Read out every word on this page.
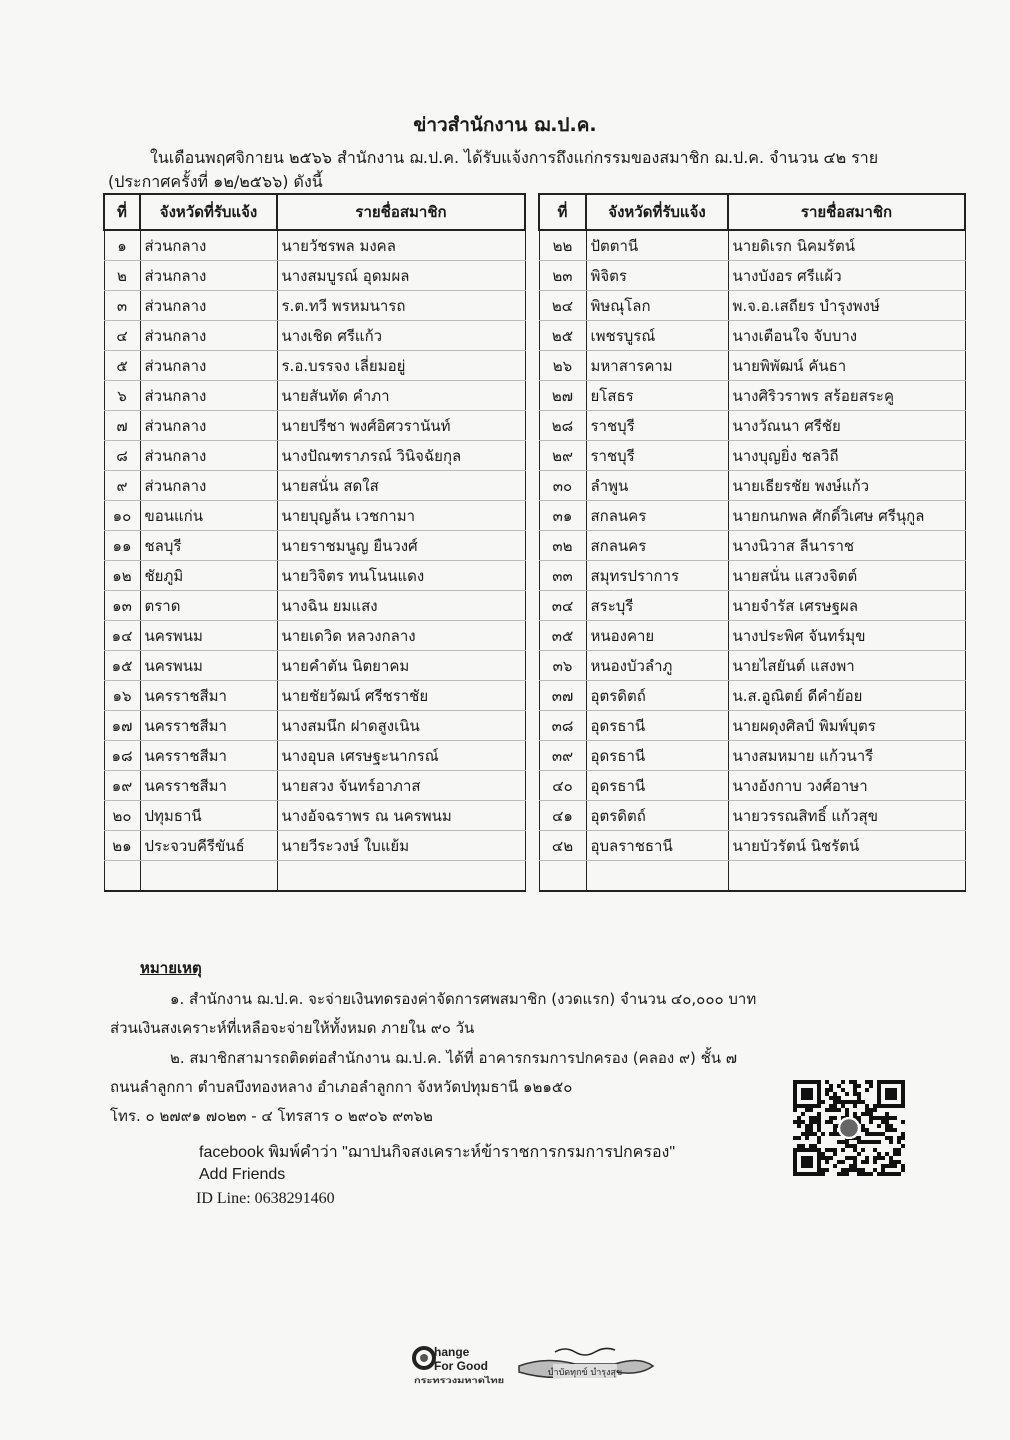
ข่าวสำนักงาน ฌ.ป.ค.
ในเดือนพฤศจิกายน ๒๕๖๖ สำนักงาน ฌ.ป.ค. ได้รับแจ้งการถึงแก่กรรมของสมาชิก ฌ.ป.ค. จำนวน ๔๒ ราย
(ประกาศครั้งที่ ๑๒/๒๕๖๖) ดังนี้
ที่	จังหวัดที่รับแจ้ง	รายชื่อสมาชิก
๑	ส่วนกลาง	นายวัชรพล มงคล
๒	ส่วนกลาง	นางสมบูรณ์ อุดมผล
๓	ส่วนกลาง	ร.ต.ทวี พรหมนารถ
๔	ส่วนกลาง	นางเชิด ศรีแก้ว
๕	ส่วนกลาง	ร.อ.บรรจง เลี่ยมอยู่
๖	ส่วนกลาง	นายสันทัด คำภา
๗	ส่วนกลาง	นายปรีชา พงศ์อิศวรานันท์
๘	ส่วนกลาง	นางปัณฑราภรณ์ วินิจฉัยกุล
๙	ส่วนกลาง	นายสนั่น สดใส
๑๐	ขอนแก่น	นายบุญล้น เวชกามา
๑๑	ชลบุรี	นายราชมนูญ ยืนวงศ์
๑๒	ชัยภูมิ	นายวิจิตร ทนโนนแดง
๑๓	ตราด	นางฉิน ยมแสง
๑๔	นครพนม	นายเดวิด หลวงกลาง
๑๕	นครพนม	นายคำตัน นิตยาคม
๑๖	นครราชสีมา	นายชัยวัฒน์ ศรีชราชัย
๑๗	นครราชสีมา	นางสมนึก ฝาดสูงเนิน
๑๘	นครราชสีมา	นางอุบล เศรษฐะนากรณ์
๑๙	นครราชสีมา	นายสวง จันทร์อาภาส
๒๐	ปทุมธานี	นางอัจฉราพร ณ นครพนม
๒๑	ประจวบคีรีขันธ์	นายวีระวงษ์ ใบแย้ม

ที่	จังหวัดที่รับแจ้ง	รายชื่อสมาชิก
๒๒	ปัตตานี	นายดิเรก นิคมรัตน์
๒๓	พิจิตร	นางบังอร ศรีแผ้ว
๒๔	พิษณุโลก	พ.จ.อ.เสถียร บำรุงพงษ์
๒๕	เพชรบูรณ์	นางเตือนใจ จับบาง
๒๖	มหาสารคาม	นายพิพัฒน์ คันธา
๒๗	ยโสธร	นางศิริวราพร สร้อยสระคู
๒๘	ราชบุรี	นางวัณนา ศรีชัย
๒๙	ราชบุรี	นางบุญยิ่ง ชลวิถี
๓๐	ลำพูน	นายเธียรชัย พงษ์แก้ว
๓๑	สกลนคร	นายกนกพล ศักดิ์วิเศษ ศรีนุกูล
๓๒	สกลนคร	นางนิวาส ลีนาราช
๓๓	สมุทรปราการ	นายสนั่น แสวงจิตต์
๓๔	สระบุรี	นายจำรัส เศรษฐผล
๓๕	หนองคาย	นางประพิศ จันทร์มุข
๓๖	หนองบัวลำภู	นายไสยันต์ แสงพา
๓๗	อุตรดิตถ์	น.ส.อูณิตย์ ดีคำย้อย
๓๘	อุดรธานี	นายผดุงศิลป์ พิมพ์บุตร
๓๙	อุดรธานี	นางสมหมาย แก้วนารี
๔๐	อุดรธานี	นางอังกาบ วงศ์อาษา
๔๑	อุตรดิตถ์	นายวรรณสิทธิ์ แก้วสุข
๔๒	อุบลราชธานี	นายบัวรัตน์ นิชรัตน์

หมายเหตุ
๑. สำนักงาน ฌ.ป.ค. จะจ่ายเงินทดรองค่าจัดการศพสมาชิก (งวดแรก) จำนวน ๔๐,๐๐๐ บาท
ส่วนเงินสงเคราะห์ที่เหลือจะจ่ายให้ทั้งหมด ภายใน ๙๐ วัน
๒. สมาชิกสามารถติดต่อสำนักงาน ฌ.ป.ค. ได้ที่ อาคารกรมการปกครอง (คลอง ๙) ชั้น ๗
ถนนลำลูกกา ตำบลบึงทองหลาง อำเภอลำลูกกา จังหวัดปทุมธานี ๑๒๑๕๐
โทร. ๐ ๒๗๙๑ ๗๐๒๓ - ๔ โทรสาร ๐ ๒๙๐๖ ๙๓๖๒
facebook พิมพ์คำว่า "ฌาปนกิจสงเคราะห์ข้าราชการกรมการปกครอง"
Add Friends
ID Line: 0638291460
hange
For Good
กระทรวงมหาดไทย
บำบัดทุกข์ บำรุงสุข
